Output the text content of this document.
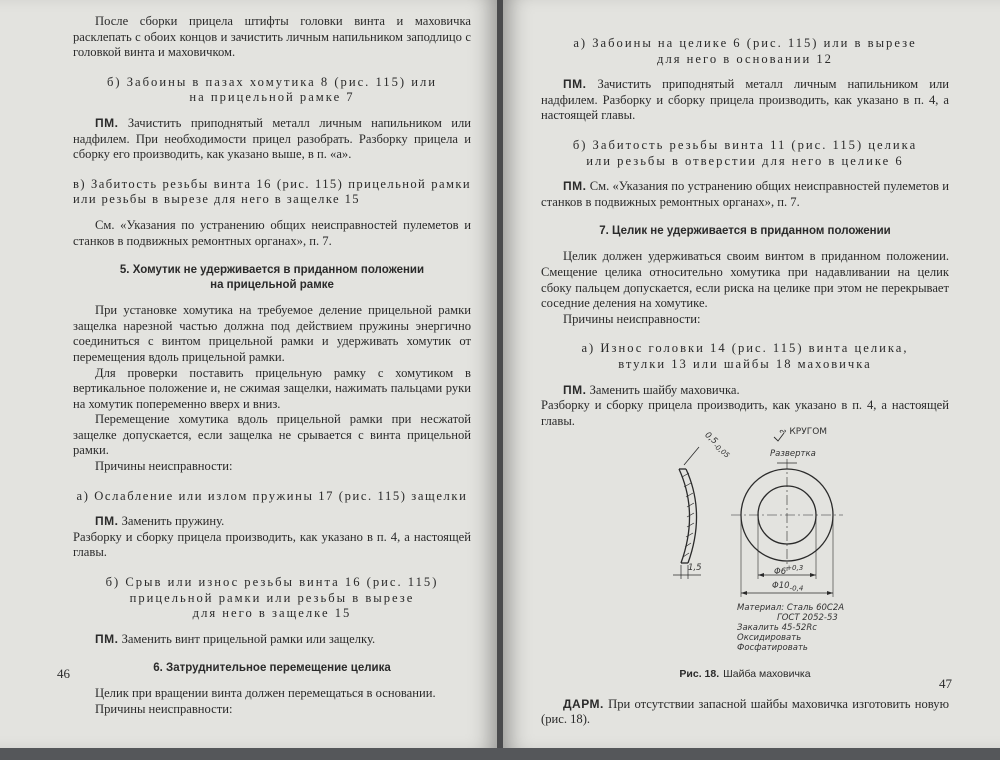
После сборки прицела штифты головки винта и маховичка расклепать с обоих концов и зачистить личным напильником заподлицо с головкой винта и маховичком.

б) Забоины в пазах хомутика 8 (рис. 115) или

на прицельной рамке 7

ПМ. Зачистить приподнятый металл личным напильником или надфилем. При необходимости прицел разобрать. Разборку прицела и сборку его производить, как указано выше, в п. «а».

в) Забитость резьбы винта 16 (рис. 115) прицельной рамки или резьбы в вырезе для него в защелке 15

См. «Указания по устранению общих неисправностей пулеметов и станков в подвижных ремонтных органах», п. 7.

5. Хомутик не удерживается в приданном положении

на прицельной рамке

При установке хомутика на требуемое деление прицельной рамки защелка нарезной частью должна под действием пружины энергично соединиться с винтом прицельной рамки и удерживать хомутик от перемещения вдоль прицельной рамки.

Для проверки поставить прицельную рамку с хомутиком в вертикальное положение и, не сжимая защелки, нажимать пальцами руки на хомутик попеременно вверх и вниз.

Перемещение хомутика вдоль прицельной рамки при несжатой защелке допускается, если защелка не срывается с винта прицельной рамки.

Причины неисправности:

а) Ослабление или излом пружины 17 (рис. 115) защелки

ПМ. Заменить пружину.

Разборку и сборку прицела производить, как указано в п. 4, а настоящей главы.

б) Срыв или износ резьбы винта 16 (рис. 115)

прицельной рамки или резьбы в вырезе

для него в защелке 15

ПМ. Заменить винт прицельной рамки или защелку.

6. Затруднительное перемещение целика

Целик при вращении винта должен перемещаться в основании.

Причины неисправности:

46

а) Забоины на целике 6 (рис. 115) или в вырезе

для него в основании 12

ПМ. Зачистить приподнятый металл личным напильником или надфилем. Разборку и сборку прицела производить, как указано в п. 4, а настоящей главы.

б) Забитость резьбы винта 11 (рис. 115) целика

или резьбы в отверстии для него в целике 6

ПМ. См. «Указания по устранению общих неисправностей пулеметов и станков в подвижных ремонтных органах», п. 7.

7. Целик не удерживается в приданном положении

Целик должен удерживаться своим винтом в приданном положении. Смещение целика относительно хомутика при надавливании на целик сбоку пальцем допускается, если риска на целике при этом не перекрывает соседние деления на хомутике.

Причины неисправности:

а) Износ головки 14 (рис. 115) винта целика,

втулки 13 или шайбы 18 маховичка

ПМ. Заменить шайбу маховичка.

Разборку и сборку прицела производить, как указано в п. 4, а настоящей главы.

∾ КРУГОМ
$0,5_{-0,05}$	Развертка
1,5	$\Phi 6^{+0,3}$
$\Phi 10_{-0,4}$
Материал: Сталь 60С2А
ГОСТ 2052-53
Закалить 45-52Rc
Оксидировать
Фосфатировать

Рис. 18. Шайба маховичка

ДАРМ. При отсутствии запасной шайбы маховичка изготовить новую (рис. 18).

47
